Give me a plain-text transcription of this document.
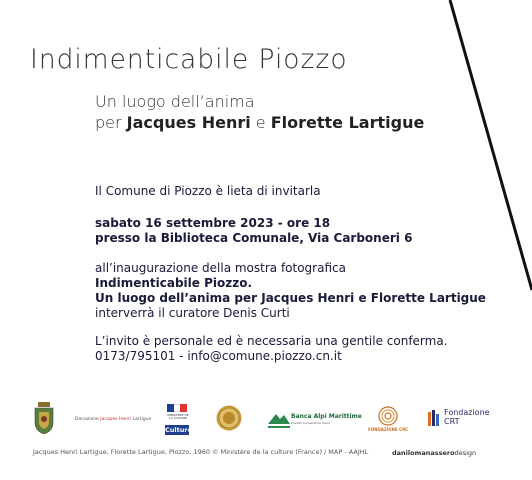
Indimenticabile Piozzo
Un luogo dell’anima
per Jacques Henri e Florette Lartigue
Il Comune di Piozzo è lieta di invitarla
sabato 16 settembre 2023 - ore 18
presso la Biblioteca Comunale, Via Carboneri 6
all’inaugurazione della mostra fotografica
Indimenticabile Piozzo.
Un luogo dell’anima per Jacques Henri e Florette Lartigue
interverrà il curatore Denis Curti
L’invito è personale ed è necessaria una gentile conferma.
0173/795101 - info@comune.piozzo.cn.it
Donazione Jacques Henri Lartigue
MINISTÈRE DE LA CULTURE
Culture
Banca Alpi Marittime
Credito Cooperativo Carrù
FONDAZIONE CRC
Fondazione
CRT
Jacques Henri Lartigue, Florette Lartigue, Piozzo, 1960 © Ministère de la culture (France) / MAP - AAJHL	danilomanasserodesign
